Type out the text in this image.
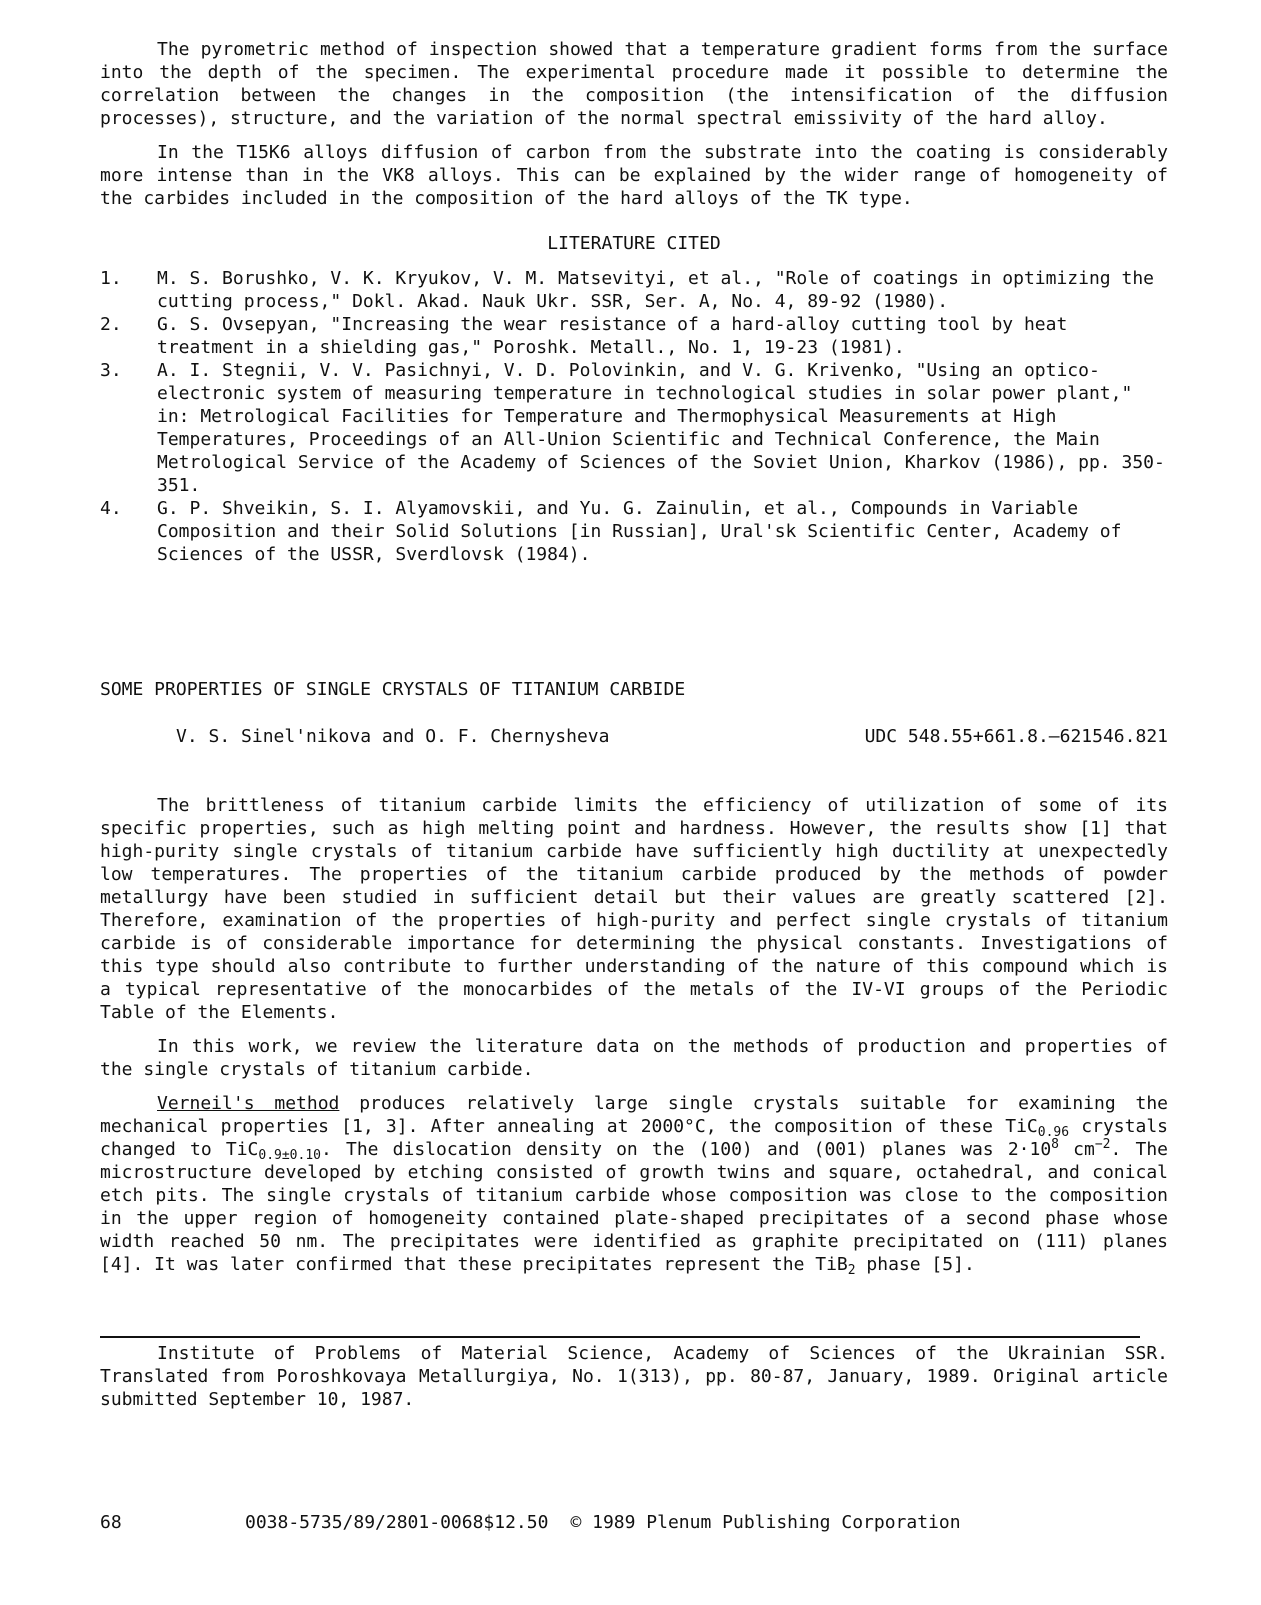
The pyrometric method of inspection showed that a temperature gradient forms from the surface into the depth of the specimen. The experimental procedure made it possible to determine the correlation between the changes in the composition (the intensification of the diffusion processes), structure, and the variation of the normal spectral emissivity of the hard alloy.

In the T15K6 alloys diffusion of carbon from the substrate into the coating is considerably more intense than in the VK8 alloys. This can be explained by the wider range of homogeneity of the carbides included in the composition of the hard alloys of the TK type.

LITERATURE CITED
1.	M. S. Borushko, V. K. Kryukov, V. M. Matsevityi, et al., "Role of coatings in optimizing the cutting process," Dokl. Akad. Nauk Ukr. SSR, Ser. A, No. 4, 89-92 (1980).
2.	G. S. Ovsepyan, "Increasing the wear resistance of a hard-alloy cutting tool by heat treatment in a shielding gas," Poroshk. Metall., No. 1, 19-23 (1981).
3.	A. I. Stegnii, V. V. Pasichnyi, V. D. Polovinkin, and V. G. Krivenko, "Using an optico-electronic system of measuring temperature in technological studies in solar power plant," in: Metrological Facilities for Temperature and Thermophysical Measurements at High Temperatures, Proceedings of an All-Union Scientific and Technical Conference, the Main Metrological Service of the Academy of Sciences of the Soviet Union, Kharkov (1986), pp. 350-351.
4.	G. P. Shveikin, S. I. Alyamovskii, and Yu. G. Zainulin, et al., Compounds in Variable Composition and their Solid Solutions [in Russian], Ural'sk Scientific Center, Academy of Sciences of the USSR, Sverdlovsk (1984).
SOME PROPERTIES OF SINGLE CRYSTALS OF TITANIUM CARBIDE
V. S. Sinel'nikova and O. F. Chernysheva	UDC 548.55+661.8.—621546.821

The brittleness of titanium carbide limits the efficiency of utilization of some of its specific properties, such as high melting point and hardness. However, the results show [1] that high-purity single crystals of titanium carbide have sufficiently high ductility at unexpectedly low temperatures. The properties of the titanium carbide produced by the methods of powder metallurgy have been studied in sufficient detail but their values are greatly scattered [2]. Therefore, examination of the properties of high-purity and perfect single crystals of titanium carbide is of considerable importance for determining the physical constants. Investigations of this type should also contribute to further understanding of the nature of this compound which is a typical representative of the monocarbides of the metals of the IV-VI groups of the Periodic Table of the Elements.

In this work, we review the literature data on the methods of production and properties of the single crystals of titanium carbide.

Verneil's method produces relatively large single crystals suitable for examining the mechanical properties [1, 3]. After annealing at 2000°C, the composition of these TiC$_{0.96}$ crystals changed to TiC$_{0.9\pm 0.10}$. The dislocation density on the (100) and (001) planes was $2\cdot 10^8$ $cm^{-2}$. The microstructure developed by etching consisted of growth twins and square, octahedral, and conical etch pits. The single crystals of titanium carbide whose composition was close to the composition in the upper region of homogeneity contained plate-shaped precipitates of a second phase whose width reached 50 nm. The precipitates were identified as graphite precipitated on (111) planes [4]. It was later confirmed that these precipitates represent the TiB$_2$ phase [5].

Institute of Problems of Material Science, Academy of Sciences of the Ukrainian SSR. Translated from Poroshkovaya Metallurgiya, No. 1(313), pp. 80-87, January, 1989. Original article submitted September 10, 1987.

68	0038-5735/89/2801-0068$12.50 © 1989 Plenum Publishing Corporation
